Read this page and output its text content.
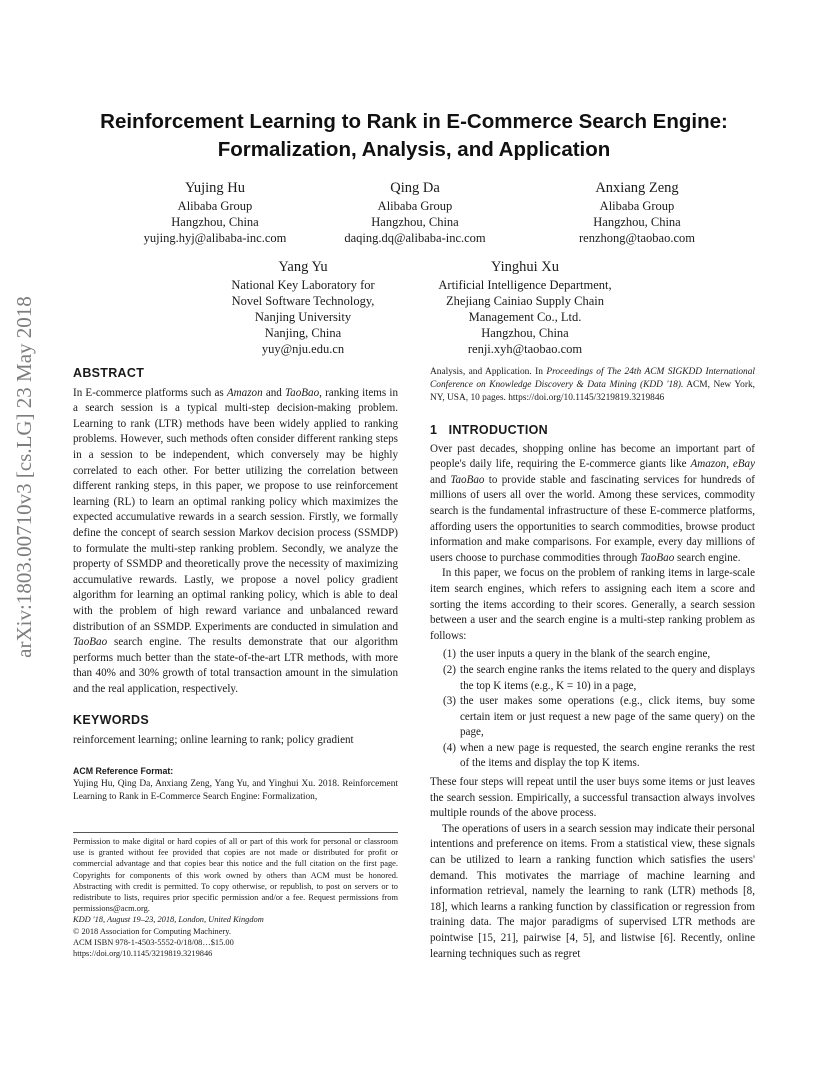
arXiv:1803.00710v3 [cs.LG] 23 May 2018
Reinforcement Learning to Rank in E-Commerce Search Engine:
Formalization, Analysis, and Application
Yujing Hu
Alibaba Group
Hangzhou, China
yujing.hyj@alibaba-inc.com
Qing Da
Alibaba Group
Hangzhou, China
daqing.dq@alibaba-inc.com
Anxiang Zeng
Alibaba Group
Hangzhou, China
renzhong@taobao.com
Yang Yu
National Key Laboratory for
Novel Software Technology,
Nanjing University
Nanjing, China
yuy@nju.edu.cn
Yinghui Xu
Artificial Intelligence Department,
Zhejiang Cainiao Supply Chain
Management Co., Ltd.
Hangzhou, China
renji.xyh@taobao.com
ABSTRACT

In E-commerce platforms such as Amazon and TaoBao, ranking items in a search session is a typical multi-step decision-making problem. Learning to rank (LTR) methods have been widely applied to ranking problems. However, such methods often consider different ranking steps in a session to be independent, which conversely may be highly correlated to each other. For better utilizing the correlation between different ranking steps, in this paper, we propose to use reinforcement learning (RL) to learn an optimal ranking policy which maximizes the expected accumulative rewards in a search session. Firstly, we formally define the concept of search session Markov decision process (SSMDP) to formulate the multi-step ranking problem. Secondly, we analyze the property of SSMDP and theoretically prove the necessity of maximizing accumulative rewards. Lastly, we propose a novel policy gradient algorithm for learning an optimal ranking policy, which is able to deal with the problem of high reward variance and unbalanced reward distribution of an SSMDP. Experiments are conducted in simulation and TaoBao search engine. The results demonstrate that our algorithm performs much better than the state-of-the-art LTR methods, with more than 40% and 30% growth of total transaction amount in the simulation and the real application, respectively.

KEYWORDS

reinforcement learning; online learning to rank; policy gradient

ACM Reference Format:

Yujing Hu, Qing Da, Anxiang Zeng, Yang Yu, and Yinghui Xu. 2018. Reinforcement Learning to Rank in E-Commerce Search Engine: Formalization,

Permission to make digital or hard copies of all or part of this work for personal or classroom use is granted without fee provided that copies are not made or distributed for profit or commercial advantage and that copies bear this notice and the full citation on the first page. Copyrights for components of this work owned by others than ACM must be honored. Abstracting with credit is permitted. To copy otherwise, or republish, to post on servers or to redistribute to lists, requires prior specific permission and/or a fee. Request permissions from permissions@acm.org.

KDD '18, August 19–23, 2018, London, United Kingdom

© 2018 Association for Computing Machinery.

ACM ISBN 978-1-4503-5552-0/18/08…$15.00

https://doi.org/10.1145/3219819.3219846

Analysis, and Application. In Proceedings of The 24th ACM SIGKDD International Conference on Knowledge Discovery & Data Mining (KDD '18). ACM, New York, NY, USA, 10 pages. https://doi.org/10.1145/3219819.3219846

1   INTRODUCTION

Over past decades, shopping online has become an important part of people's daily life, requiring the E-commerce giants like Amazon, eBay and TaoBao to provide stable and fascinating services for hundreds of millions of users all over the world. Among these services, commodity search is the fundamental infrastructure of these E-commerce platforms, affording users the opportunities to search commodities, browse product information and make comparisons. For example, every day millions of users choose to purchase commodities through TaoBao search engine.

In this paper, we focus on the problem of ranking items in large-scale item search engines, which refers to assigning each item a score and sorting the items according to their scores. Generally, a search session between a user and the search engine is a multi-step ranking problem as follows:

(1) the user inputs a query in the blank of the search engine,
(2) the search engine ranks the items related to the query and displays the top K items (e.g., K = 10) in a page,
(3) the user makes some operations (e.g., click items, buy some certain item or just request a new page of the same query) on the page,
(4) when a new page is requested, the search engine reranks the rest of the items and display the top K items.

These four steps will repeat until the user buys some items or just leaves the search session. Empirically, a successful transaction always involves multiple rounds of the above process.

The operations of users in a search session may indicate their personal intentions and preference on items. From a statistical view, these signals can be utilized to learn a ranking function which satisfies the users' demand. This motivates the marriage of machine learning and information retrieval, namely the learning to rank (LTR) methods [8, 18], which learns a ranking function by classification or regression from training data. The major paradigms of supervised LTR methods are pointwise [15, 21], pairwise [4, 5], and listwise [6]. Recently, online learning techniques such as regret
